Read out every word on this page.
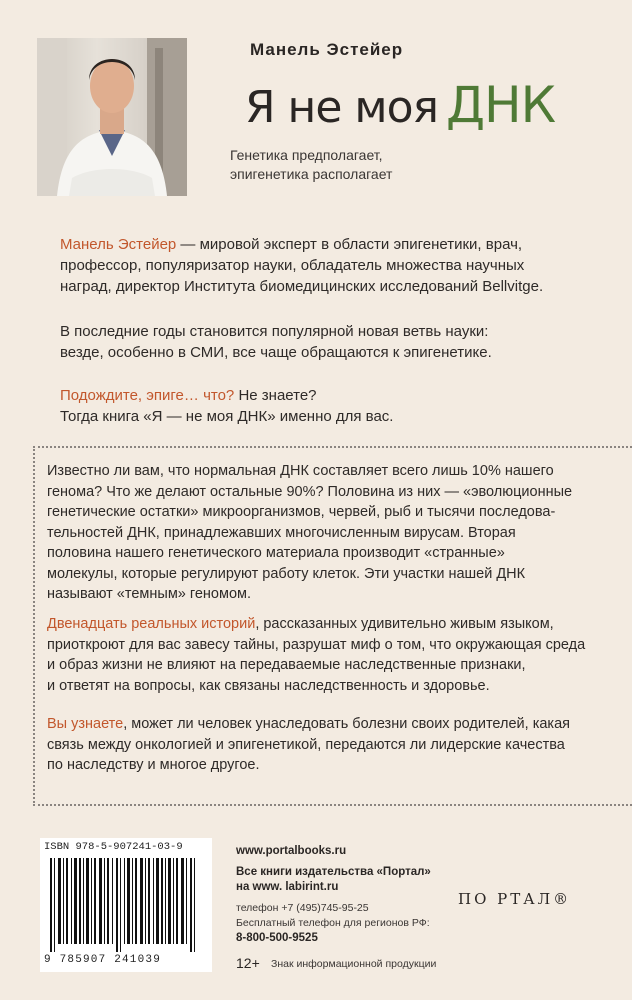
Манель Эстейер
Я не моя ДНК
Генетика предполагает,
эпигенетика располагает
Манель Эстейер — мировой эксперт в области эпигенетики, врач,
профессор, популяризатор науки, обладатель множества научных
наград, директор Института биомедицинских исследований Bellvitge.
В последние годы становится популярной новая ветвь науки:
везде, особенно в СМИ, все чаще обращаются к эпигенетике.
Подождите, эпиге… что? Не знаете?
Тогда книга «Я — не моя ДНК» именно для вас.
Известно ли вам, что нормальная ДНК составляет всего лишь 10% нашего
генома? Что же делают остальные 90%? Половина из них — «эволюционные
генетические остатки» микроорганизмов, червей, рыб и тысячи последова-
тельностей ДНК, принадлежавших многочисленным вирусам. Вторая
половина нашего генетического материала производит «странные»
молекулы, которые регулируют работу клеток. Эти участки нашей ДНК
называют «темным» геномом.
Двенадцать реальных историй, рассказанных удивительно живым языком,
приоткроют для вас завесу тайны, разрушат миф о том, что окружающая среда
и образ жизни не влияют на передаваемые наследственные признаки,
и ответят на вопросы, как связаны наследственность и здоровье.
Вы узнаете, может ли человек унаследовать болезни своих родителей, какая
связь между онкологией и эпигенетикой, передаются ли лидерские качества
по наследству и многое другое.
ISBN 978-5-907241-03-9
9 785907 241039
www.portalbooks.ru
Все книги издательства «Портал»
на www. labirint.ru
телефон +7 (495)745-95-25
Бесплатный телефон для регионов РФ:
8-800-500-9525
12+ Знак информационной продукции
ПО РТАЛ®
